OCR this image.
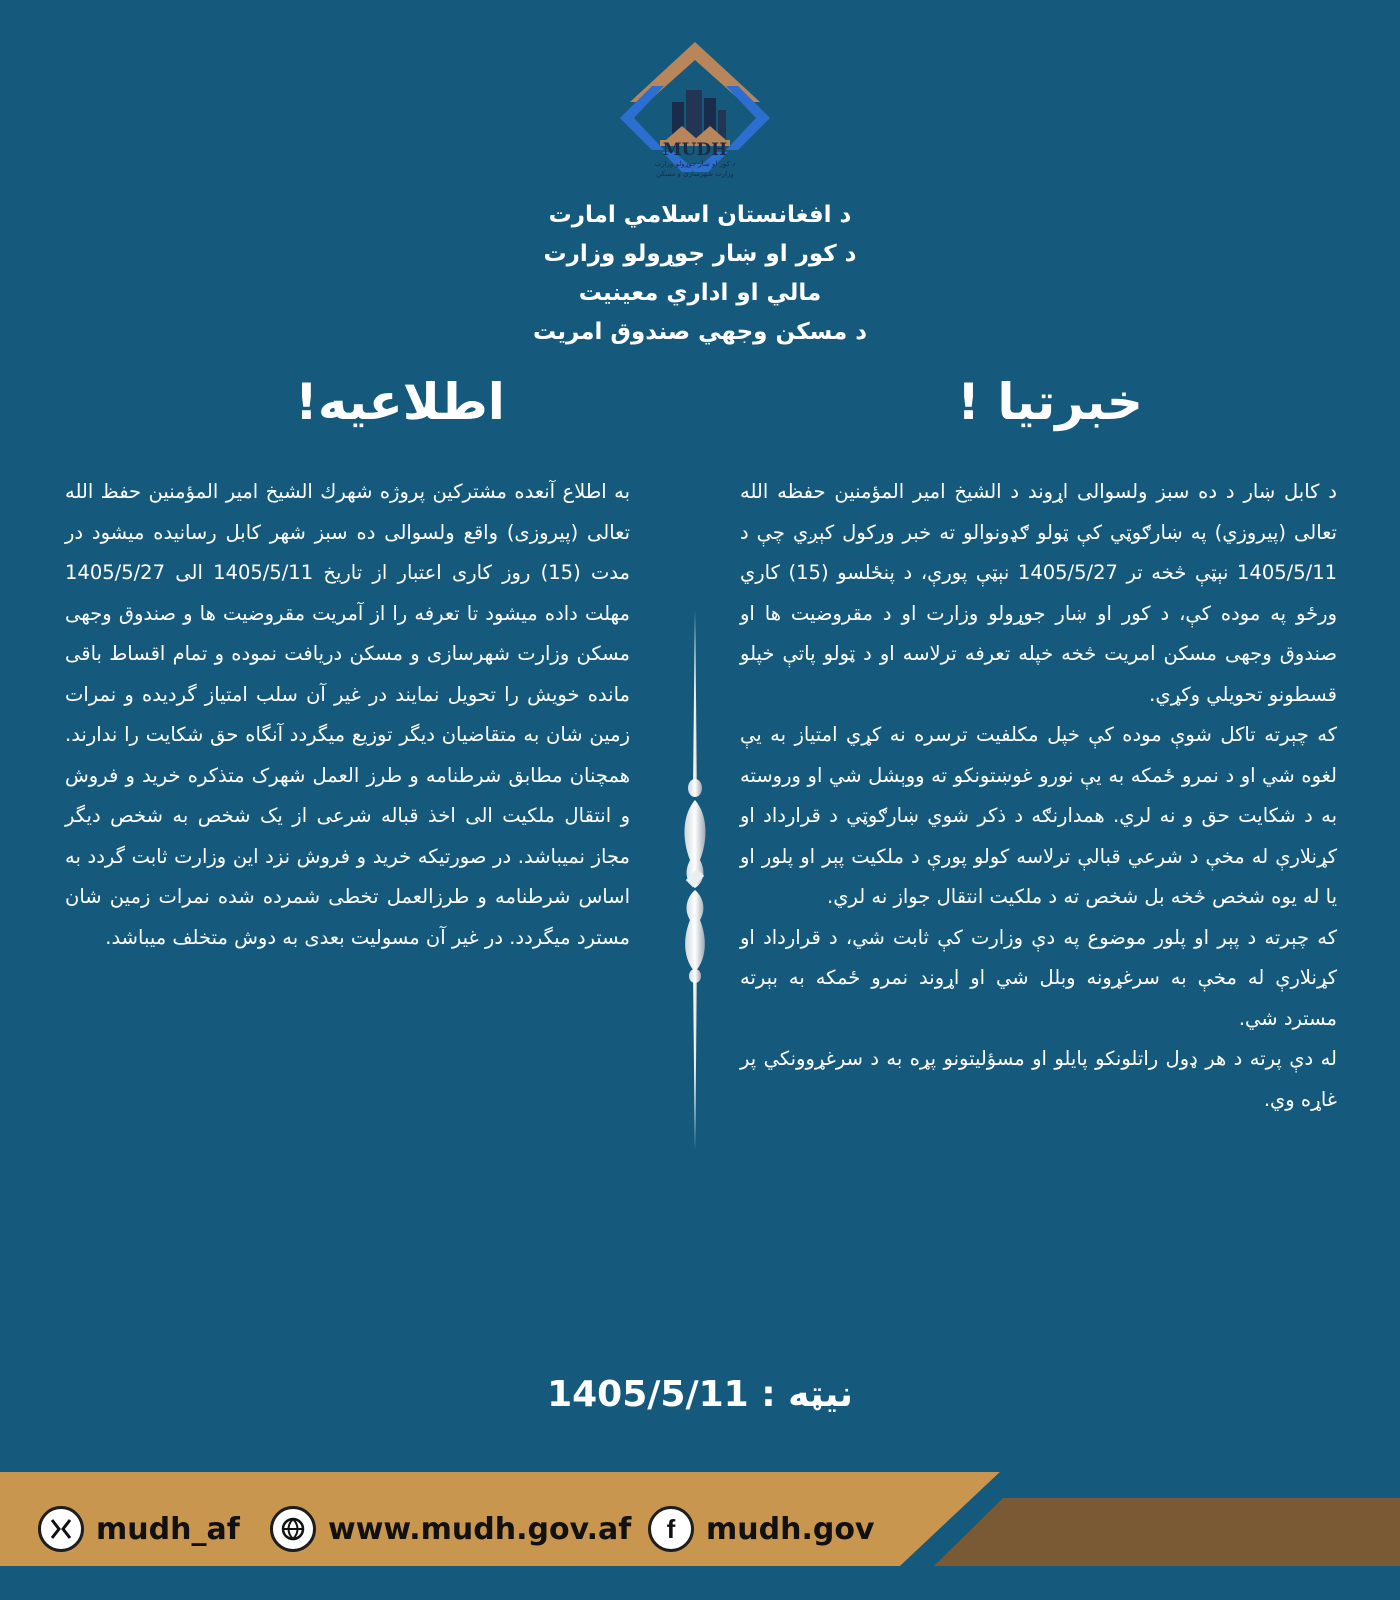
MUDH
د کور او ښار جوړولو وزارت
وزارت شهرسازی و مسکن
د افغانستان اسلامي امارت
د کور او ښار جوړولو وزارت
مالي او اداري معينيت
د مسکن وجهي صندوق امريت
خبرتیا !
اطلاعیه!

د کابل ښار د ده سبز ولسوالی اړوند د الشیخ امیر المؤمنین حفظه الله تعالی (پیروزي) په ښارګوټي کې ټولو ګډونوالو ته خبر ورکول کېږي چې د 1405/5/11 نېټې څخه تر 1405/5/27 نېټې پورې، د پنځلسو (15) کاري ورځو په موده کې، د کور او ښار جوړولو وزارت او د مقروضیت ها او صندوق وجهی مسکن امریت څخه خپله تعرفه ترلاسه او د ټولو پاتې خپلو قسطونو تحویلي وکړي.

که چېرته تاکل شوې موده کې خپل مکلفیت ترسره نه کړي امتیاز به یې لغوه شي او د نمرو ځمکه به یې نورو غوښتونکو ته ووېشل شي او وروسته به د شکایت حق و نه لري. همدارنګه د ذکر شوي ښارګوټي د قرارداد او کړنلارې له مخې د شرعي قبالې ترلاسه کولو پورې د ملکیت پېر او پلور او یا له یوه شخص څخه بل شخص ته د ملکیت انتقال جواز نه لري.

که چېرته د پېر او پلور موضوع په دې وزارت کې ثابت شي، د قرارداد او کړنلارې له مخې به سرغړونه وبلل شي او اړوند نمرو ځمکه به بېرته مسترد شي.

له دې پرته د هر ډول راتلونکو پایلو او مسؤلیتونو پړه به د سرغړوونکي پر غاړه وي.

به اطلاع آنعده مشترکین پروژه شهرك الشیخ امیر المؤمنین حفظ الله تعالی (پیروزی) واقع ولسوالی ده سبز شهر کابل رسانیده میشود در مدت (15) روز کاری اعتبار از تاریخ 1405/5/11 الی 1405/5/27 مهلت داده میشود تا تعرفه را از آمریت مقروضیت ها و صندوق وجهی مسکن وزارت شهرسازی و مسکن دریافت نموده و تمام اقساط باقی مانده خویش را تحویل نمایند در غیر آن سلب امتیاز گردیده و نمرات زمین شان به متقاضیان دیگر توزیع میگردد آنگاه حق شکایت را ندارند. همچنان مطابق شرطنامه و طرز العمل شهرک متذکره خرید و فروش و انتقال ملکیت الی اخذ قباله شرعی از یک شخص به شخص دیگر مجاز نمیباشد. در صورتیکه خرید و فروش نزد این وزارت ثابت گردد به اساس شرطنامه و طرزالعمل تخطی شمرده شده نمرات زمین شان مسترد میگردد. در غیر آن مسولیت بعدی به دوش متخلف میباشد.

نیټه : 1405/5/11
mudh_af	www.mudh.gov.af f mudh.gov
